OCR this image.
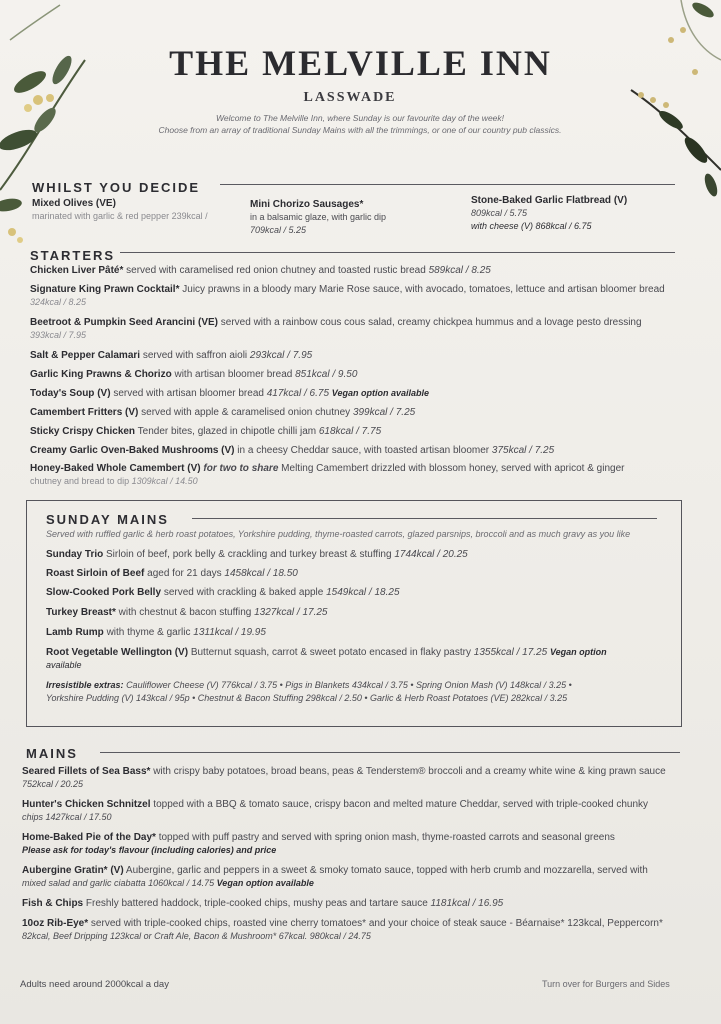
THE MELVILLE INN
LASSWADE
Welcome to The Melville Inn, where Sunday is our favourite day of the week!
Choose from an array of traditional Sunday Mains with all the trimmings, or one of our country pub classics.
WHILST YOU DECIDE
Mixed Olives (VE)
marinated with garlic & red pepper 239kcal /
Mini Chorizo Sausages*
in a balsamic glaze, with garlic dip
709kcal / 5.25
Stone-Baked Garlic Flatbread (V)
809kcal / 5.75
with cheese (V) 868kcal / 6.75
STARTERS
Chicken Liver Pâté* served with caramelised red onion chutney and toasted rustic bread 589kcal / 8.25
Signature King Prawn Cocktail* Juicy prawns in a bloody mary Marie Rose sauce, with avocado, tomatoes, lettuce and artisan bloomer bread
324kcal / 8.25
Beetroot & Pumpkin Seed Arancini (VE) served with a rainbow cous cous salad, creamy chickpea hummus and a lovage pesto dressing
393kcal / 7.95
Salt & Pepper Calamari served with saffron aioli 293kcal / 7.95
Garlic King Prawns & Chorizo with artisan bloomer bread 851kcal / 9.50
Today's Soup (V) served with artisan bloomer bread 417kcal / 6.75 Vegan option available
Camembert Fritters (V) served with apple & caramelised onion chutney 399kcal / 7.25
Sticky Crispy Chicken Tender bites, glazed in chipotle chilli jam 618kcal / 7.75
Creamy Garlic Oven-Baked Mushrooms (V) in a cheesy Cheddar sauce, with toasted artisan bloomer 375kcal / 7.25
Honey-Baked Whole Camembert (V) for two to share Melting Camembert drizzled with blossom honey, served with apricot & ginger
chutney and bread to dip 1309kcal / 14.50
SUNDAY MAINS
Served with ruffled garlic & herb roast potatoes, Yorkshire pudding, thyme-roasted carrots, glazed parsnips, broccoli and as much gravy as you like
Sunday Trio Sirloin of beef, pork belly & crackling and turkey breast & stuffing 1744kcal / 20.25
Roast Sirloin of Beef aged for 21 days 1458kcal / 18.50
Slow-Cooked Pork Belly served with crackling & baked apple 1549kcal / 18.25
Turkey Breast* with chestnut & bacon stuffing 1327kcal / 17.25
Lamb Rump with thyme & garlic 1311kcal / 19.95
Root Vegetable Wellington (V) Butternut squash, carrot & sweet potato encased in flaky pastry 1355kcal / 17.25 Vegan option
available
Irresistible extras: Cauliflower Cheese (V) 776kcal / 3.75 • Pigs in Blankets 434kcal / 3.75 • Spring Onion Mash (V) 148kcal / 3.25 •
Yorkshire Pudding (V) 143kcal / 95p • Chestnut & Bacon Stuffing 298kcal / 2.50 • Garlic & Herb Roast Potatoes (VE) 282kcal / 3.25
MAINS
Seared Fillets of Sea Bass* with crispy baby potatoes, broad beans, peas & Tenderstem® broccoli and a creamy white wine & king prawn sauce
752kcal / 20.25
Hunter's Chicken Schnitzel topped with a BBQ & tomato sauce, crispy bacon and melted mature Cheddar, served with triple-cooked chunky
chips 1427kcal / 17.50
Home-Baked Pie of the Day* topped with puff pastry and served with spring onion mash, thyme-roasted carrots and seasonal greens
Please ask for today's flavour (including calories) and price
Aubergine Gratin* (V) Aubergine, garlic and peppers in a sweet & smoky tomato sauce, topped with herb crumb and mozzarella, served with
mixed salad and garlic ciabatta 1060kcal / 14.75 Vegan option available
Fish & Chips Freshly battered haddock, triple-cooked chips, mushy peas and tartare sauce 1181kcal / 16.95
10oz Rib-Eye* served with triple-cooked chips, roasted vine cherry tomatoes* and your choice of steak sauce - Béarnaise* 123kcal, Peppercorn*
82kcal, Beef Dripping 123kcal or Craft Ale, Bacon & Mushroom* 67kcal. 980kcal / 24.75
Adults need around 2000kcal a day	Turn over for Burgers and Sides
